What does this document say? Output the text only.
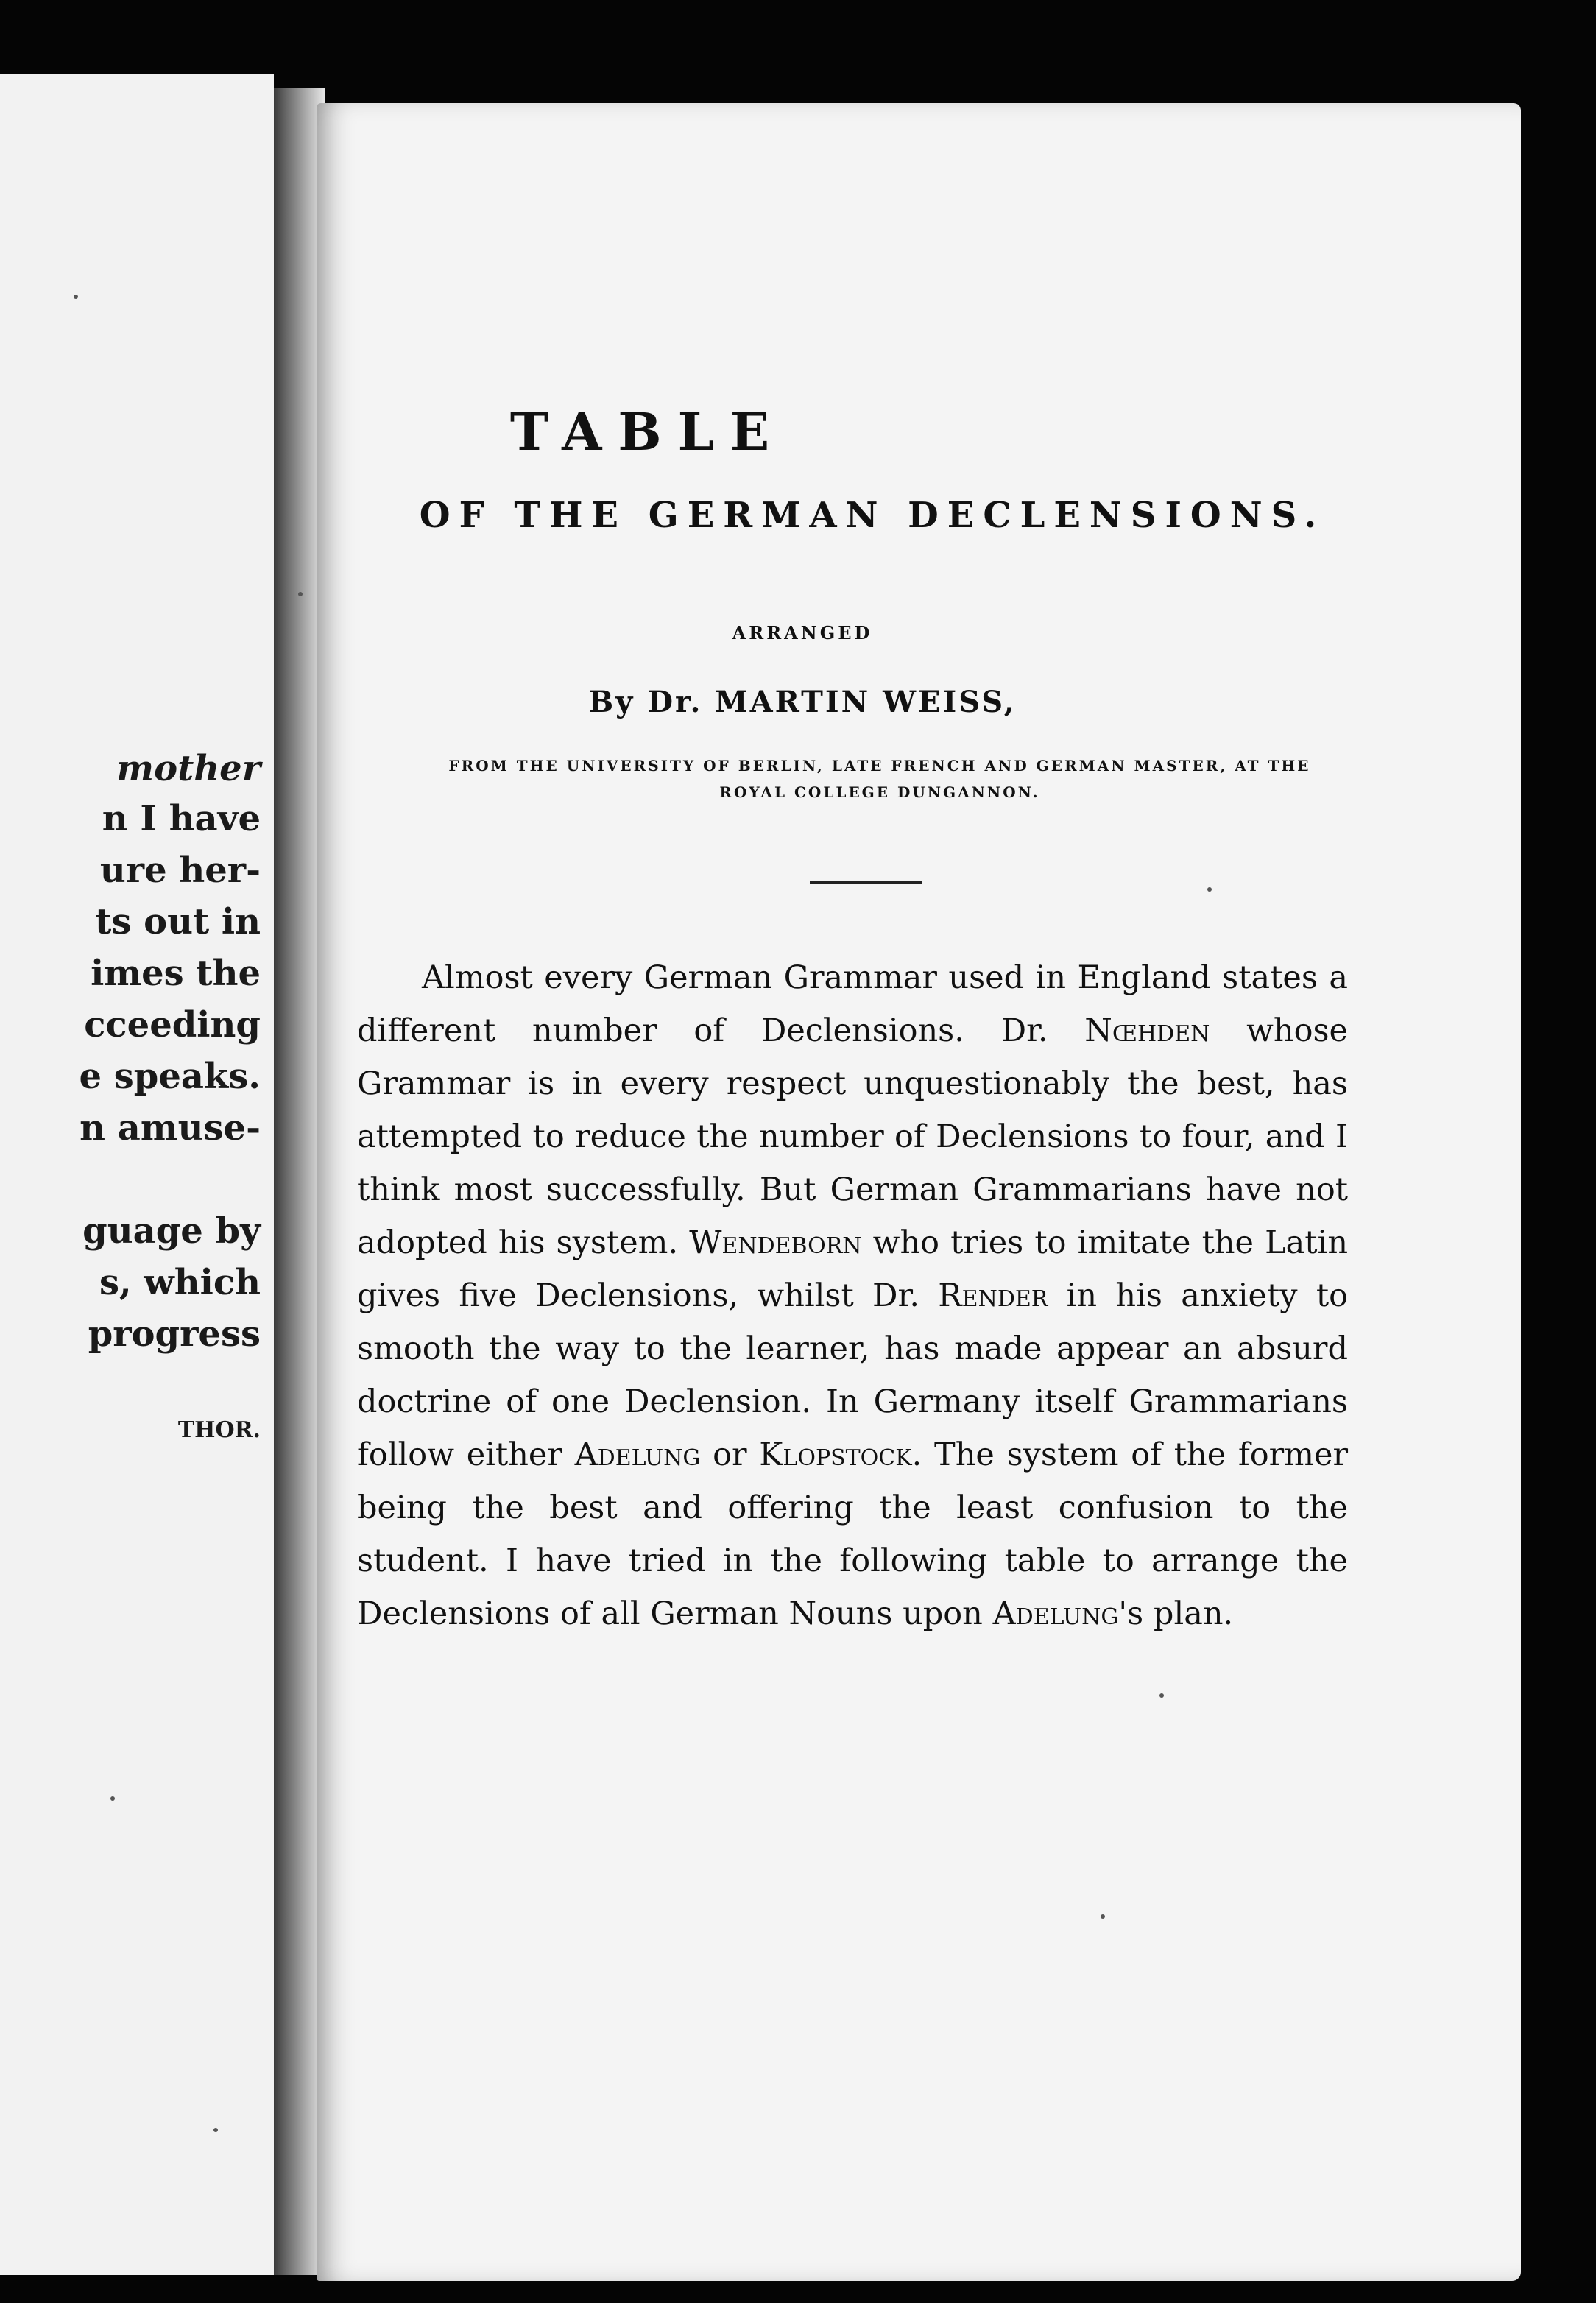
mother
n I have
ure her-
ts out in
imes the
cceeding
e speaks.
n amuse-
guage by
s, which
progress
THOR.
TABLE
OF THE GERMAN DECLENSIONS.
ARRANGED
By Dr. MARTIN WEISS,
FROM THE UNIVERSITY OF BERLIN, LATE FRENCH AND GERMAN MASTER, AT THE
ROYAL COLLEGE DUNGANNON.

Almost every German Grammar used in England states a different number of Declensions. Dr. Nœhden whose Grammar is in every respect unquestionably the best, has attempted to reduce the number of Declensions to four, and I think most successfully. But German Grammarians have not adopted his system. Wendeborn who tries to imitate the Latin gives five Declensions, whilst Dr. Render in his anxiety to smooth the way to the learner, has made appear an absurd doctrine of one Declension. In Germany itself Grammarians follow either Adelung or Klopstock. The system of the former being the best and offering the least confusion to the student. I have tried in the following table to arrange the Declensions of all German Nouns upon Adelung's plan.
